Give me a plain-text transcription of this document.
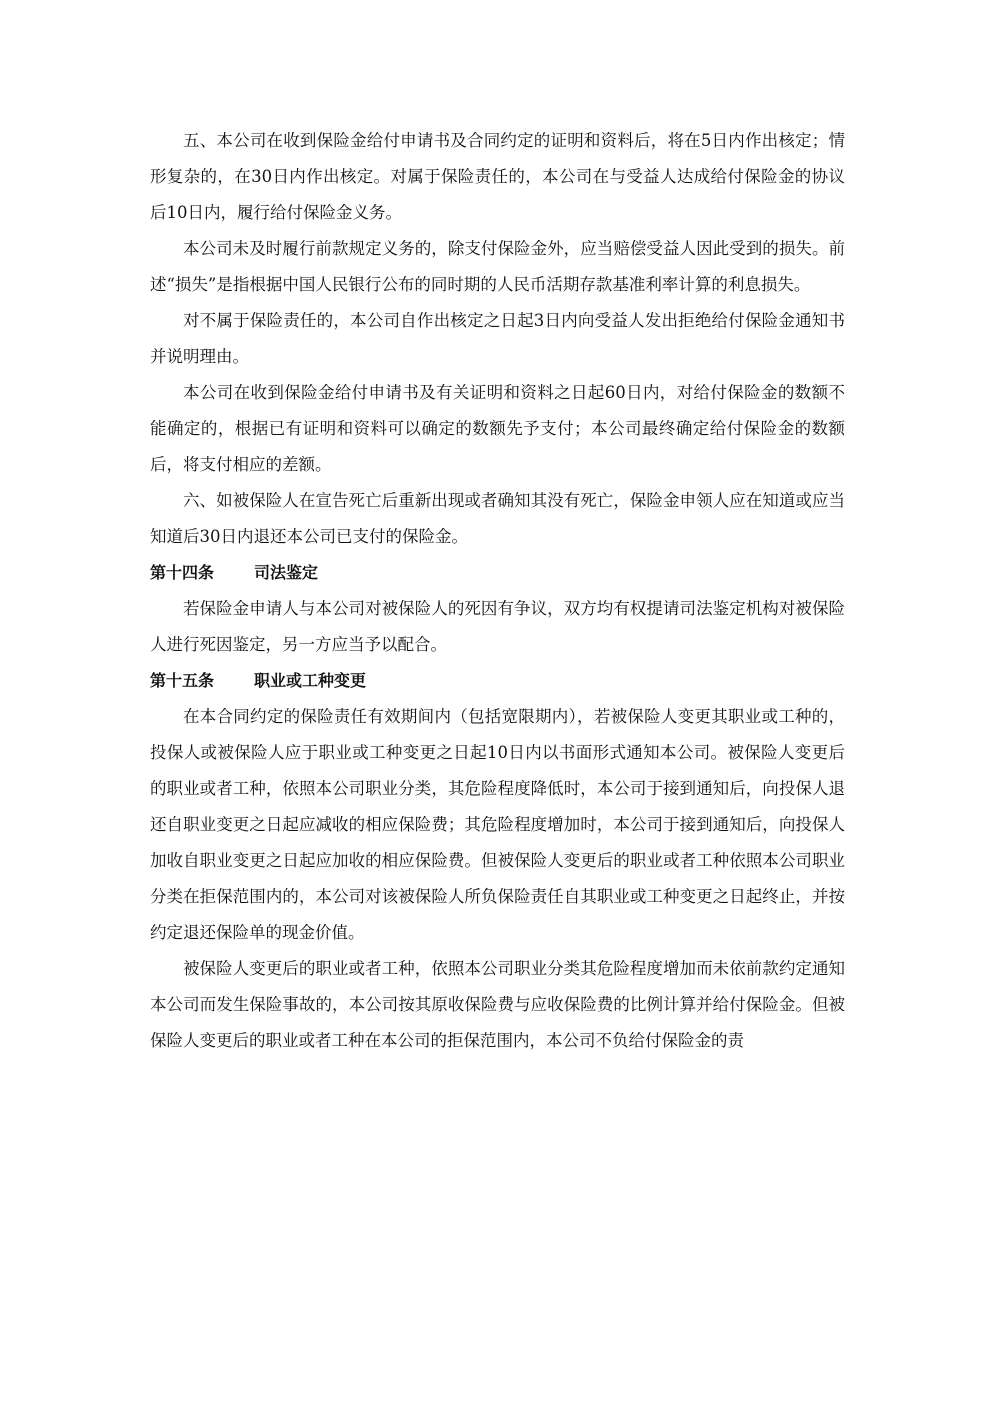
五、本公司在收到保险金给付申请书及合同约定的证明和资料后，将在5日内作出核定；情形复杂的，在30日内作出核定。对属于保险责任的，本公司在与受益人达成给付保险金的协议后10日内，履行给付保险金义务。

本公司未及时履行前款规定义务的，除支付保险金外，应当赔偿受益人因此受到的损失。前述“损失”是指根据中国人民银行公布的同时期的人民币活期存款基准利率计算的利息损失。

对不属于保险责任的，本公司自作出核定之日起3日内向受益人发出拒绝给付保险金通知书并说明理由。

本公司在收到保险金给付申请书及有关证明和资料之日起60日内，对给付保险金的数额不能确定的，根据已有证明和资料可以确定的数额先予支付；本公司最终确定给付保险金的数额后，将支付相应的差额。

六、如被保险人在宣告死亡后重新出现或者确知其没有死亡，保险金申领人应在知道或应当知道后30日内退还本公司已支付的保险金。

第十四条 司法鉴定

若保险金申请人与本公司对被保险人的死因有争议，双方均有权提请司法鉴定机构对被保险人进行死因鉴定，另一方应当予以配合。

第十五条 职业或工种变更

在本合同约定的保险责任有效期间内（包括宽限期内），若被保险人变更其职业或工种的，投保人或被保险人应于职业或工种变更之日起10日内以书面形式通知本公司。被保险人变更后的职业或者工种，依照本公司职业分类，其危险程度降低时，本公司于接到通知后，向投保人退还自职业变更之日起应减收的相应保险费；其危险程度增加时，本公司于接到通知后，向投保人加收自职业变更之日起应加收的相应保险费。但被保险人变更后的职业或者工种依照本公司职业分类在拒保范围内的，本公司对该被保险人所负保险责任自其职业或工种变更之日起终止，并按约定退还保险单的现金价值。

被保险人变更后的职业或者工种，依照本公司职业分类其危险程度增加而未依前款约定通知本公司而发生保险事故的，本公司按其原收保险费与应收保险费的比例计算并给付保险金。但被保险人变更后的职业或者工种在本公司的拒保范围内，本公司不负给付保险金的责
